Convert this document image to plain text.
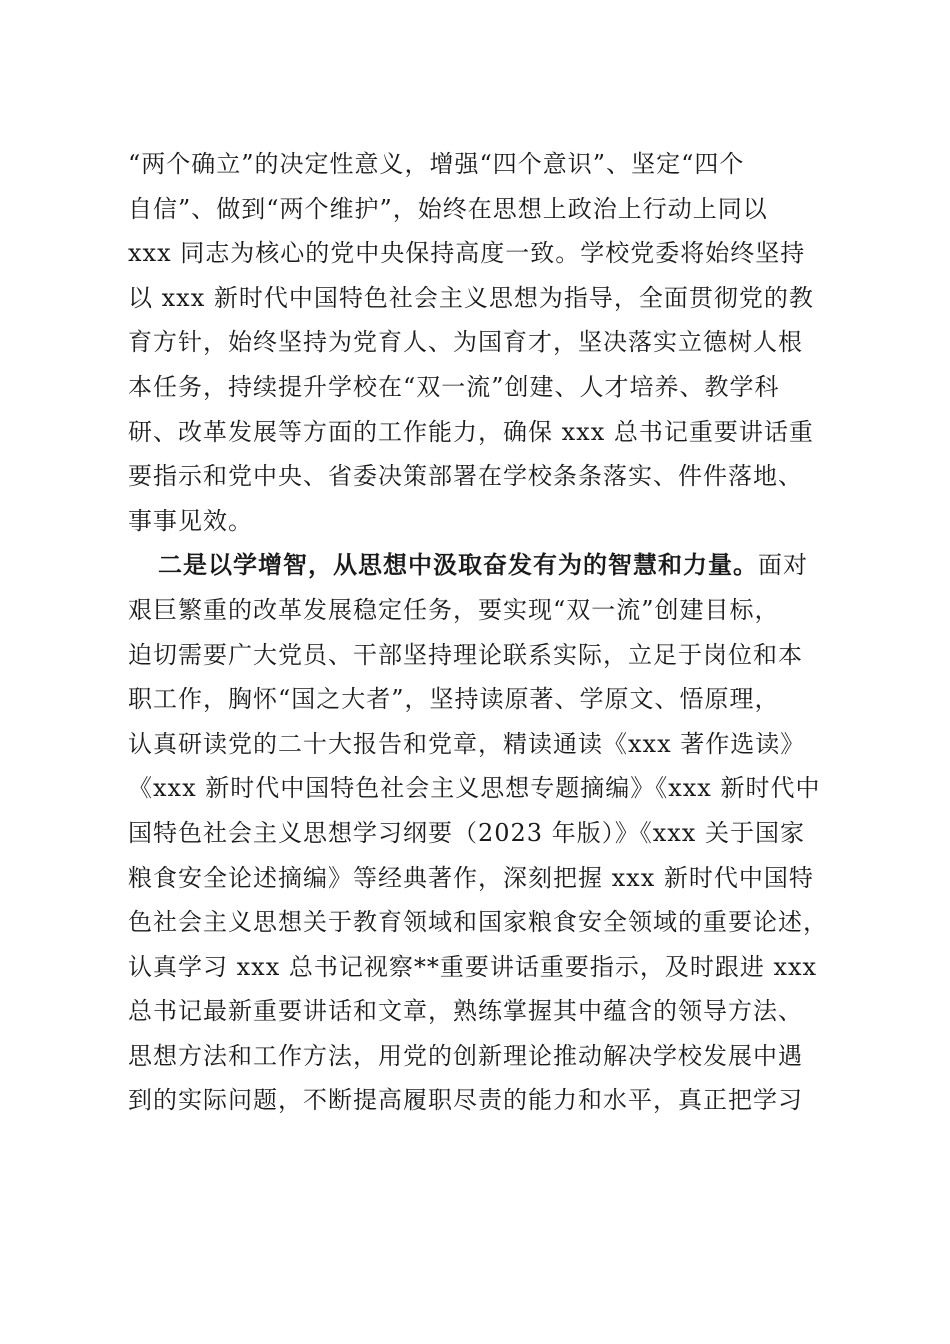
“两个确立”的决定性意义，增强“四个意识”、坚定“四个
自信”、做到“两个维护”，始终在思想上政治上行动上同以
xxx 同志为核心的党中央保持高度一致。学校党委将始终坚持
以 xxx 新时代中国特色社会主义思想为指导，全面贯彻党的教
育方针，始终坚持为党育人、为国育才，坚决落实立德树人根
本任务，持续提升学校在“双一流”创建、人才培养、教学科
研、改革发展等方面的工作能力，确保 xxx 总书记重要讲话重
要指示和党中央、省委决策部署在学校条条落实、件件落地、
事事见效。
二是以学增智，从思想中汲取奋发有为的智慧和力量。面对
艰巨繁重的改革发展稳定任务，要实现“双一流”创建目标，
迫切需要广大党员、干部坚持理论联系实际，立足于岗位和本
职工作，胸怀“国之大者”，坚持读原著、学原文、悟原理，
认真研读党的二十大报告和党章，精读通读《xxx 著作选读》
《xxx 新时代中国特色社会主义思想专题摘编》《xxx 新时代中
国特色社会主义思想学习纲要（2023 年版）》《xxx 关于国家
粮食安全论述摘编》等经典著作，深刻把握 xxx 新时代中国特
色社会主义思想关于教育领域和国家粮食安全领域的重要论述，
认真学习 xxx 总书记视察**重要讲话重要指示，及时跟进 xxx
总书记最新重要讲话和文章，熟练掌握其中蕴含的领导方法、
思想方法和工作方法，用党的创新理论推动解决学校发展中遇
到的实际问题，不断提高履职尽责的能力和水平，真正把学习
